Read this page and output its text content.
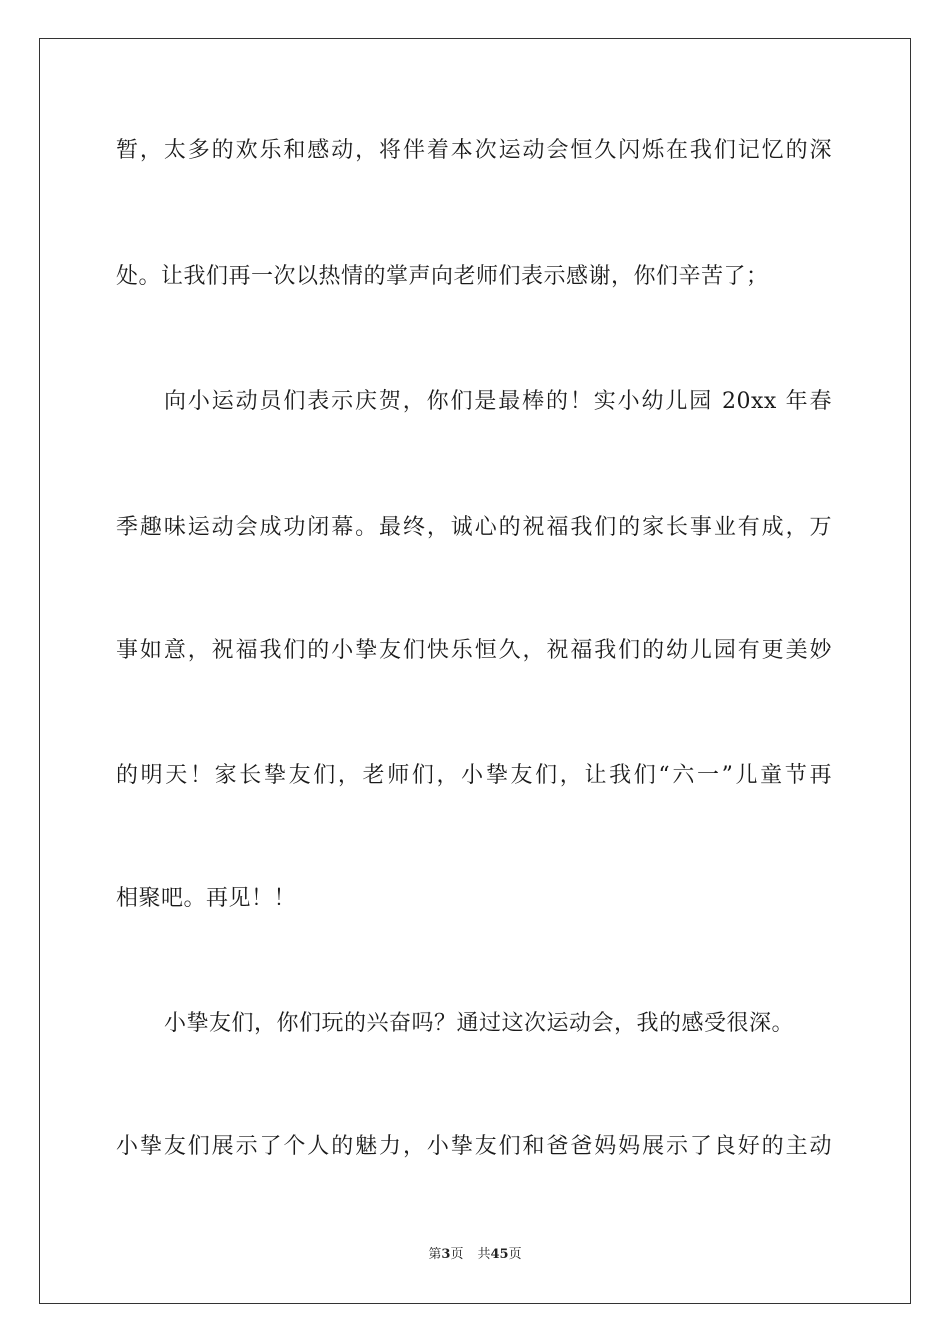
暂，太多的欢乐和感动，将伴着本次运动会恒久闪烁在我们记忆的深
处。让我们再一次以热情的掌声向老师们表示感谢，你们辛苦了；
向小运动员们表示庆贺，你们是最棒的！实小幼儿园 20xx 年春
季趣味运动会成功闭幕。最终，诚心的祝福我们的家长事业有成，万
事如意，祝福我们的小挚友们快乐恒久，祝福我们的幼儿园有更美妙
的明天！家长挚友们，老师们，小挚友们，让我们“六一”儿童节再
相聚吧。再见！！
小挚友们，你们玩的兴奋吗？通过这次运动会，我的感受很深。
小挚友们展示了个人的魅力，小挚友们和爸爸妈妈展示了良好的主动
第3页 共45页
